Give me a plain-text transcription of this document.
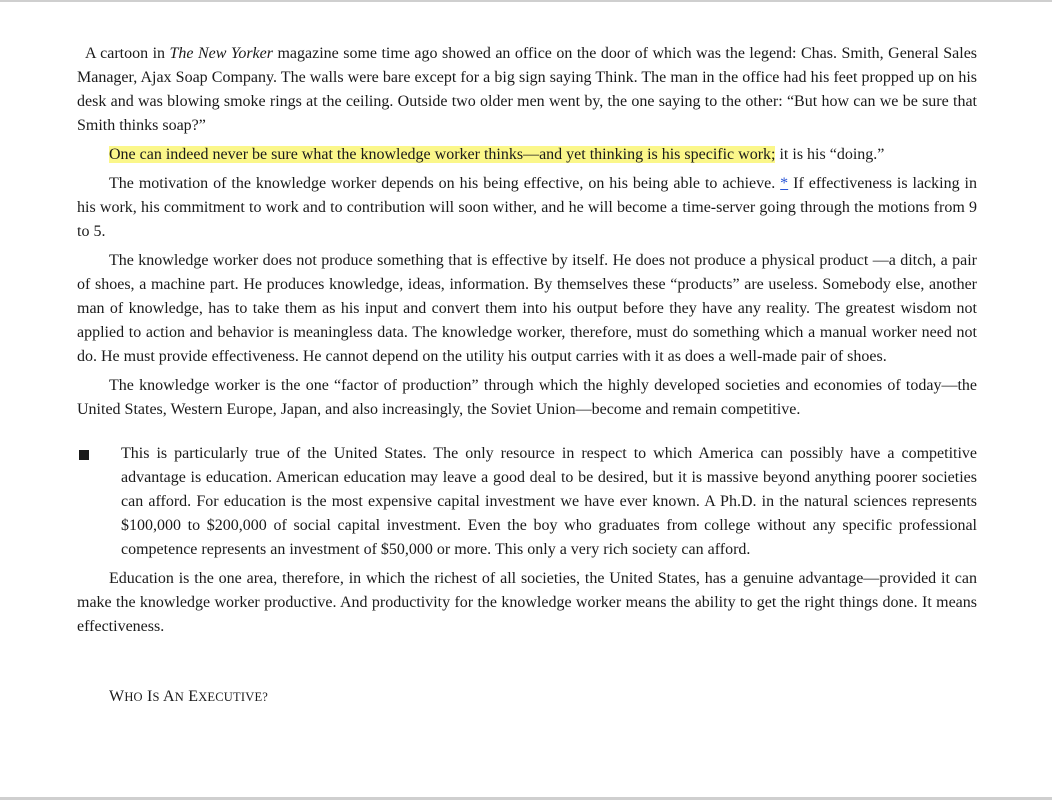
A cartoon in The New Yorker magazine some time ago showed an office on the door of which was the legend: Chas. Smith, General Sales Manager, Ajax Soap Company. The walls were bare except for a big sign saying Think. The man in the office had his feet propped up on his desk and was blowing smoke rings at the ceiling. Outside two older men went by, the one saying to the other: “But how can we be sure that Smith thinks soap?”

One can indeed never be sure what the knowledge worker thinks—and yet thinking is his specific work; it is his “doing.”

The motivation of the knowledge worker depends on his being effective, on his being able to achieve. * If effectiveness is lacking in his work, his commitment to work and to contribution will soon wither, and he will become a time-server going through the motions from 9 to 5.

The knowledge worker does not produce something that is effective by itself. He does not produce a physical product —a ditch, a pair of shoes, a machine part. He produces knowledge, ideas, information. By themselves these “products” are useless. Somebody else, another man of knowledge, has to take them as his input and convert them into his output before they have any reality. The greatest wisdom not applied to action and behavior is meaningless data. The knowledge worker, therefore, must do something which a manual worker need not do. He must provide effectiveness. He cannot depend on the utility his output carries with it as does a well-made pair of shoes.

The knowledge worker is the one “factor of production” through which the highly developed societies and economies of today—the United States, Western Europe, Japan, and also increasingly, the Soviet Union—become and remain competitive.

This is particularly true of the United States. The only resource in respect to which America can possibly have a competitive advantage is education. American education may leave a good deal to be desired, but it is massive beyond anything poorer societies can afford. For education is the most expensive capital investment we have ever known. A Ph.D. in the natural sciences represents $100,000 to $200,000 of social capital investment. Even the boy who graduates from college without any specific professional competence represents an investment of $50,000 or more. This only a very rich society can afford.

Education is the one area, therefore, in which the richest of all societies, the United States, has a genuine advantage—provided it can make the knowledge worker productive. And productivity for the knowledge worker means the ability to get the right things done. It means effectiveness.

WHO IS AN EXECUTIVE?
